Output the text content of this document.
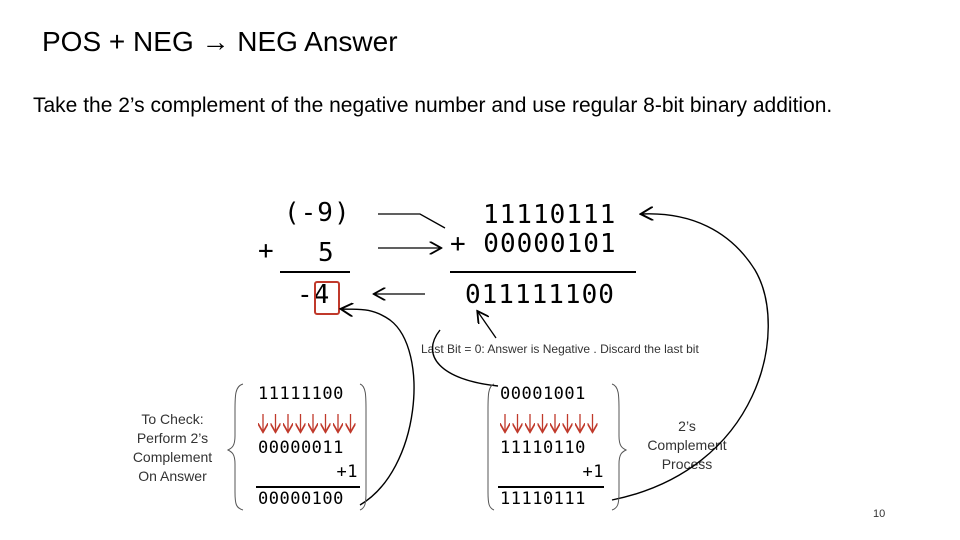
POS + NEG → NEG Answer
Take the 2’s complement of the negative number and use regular 8-bit binary addition.
(-9)
+ 5
-4
11110111
+ 00000101
011111100
Last Bit = 0: Answer is Negative . Discard the last bit
To Check:
Perform 2’s
Complement
On Answer
11111100
00000011
+1
00000100
00001001
11110110
+1
11110111
2’s
Complement
Process
10
